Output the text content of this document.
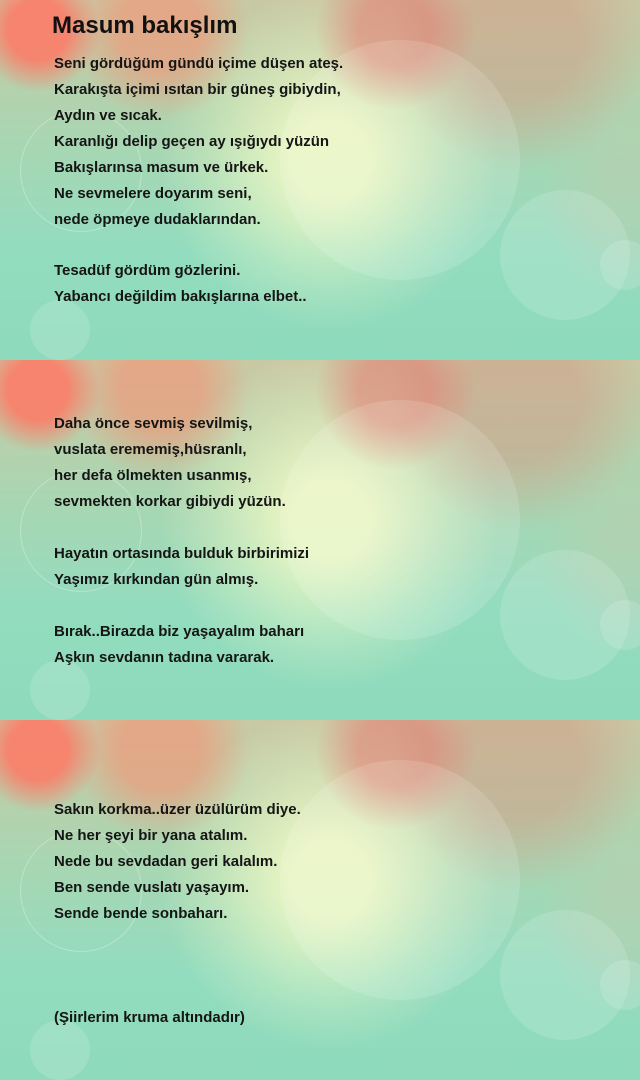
Masum bakışlım
Seni gördüğüm gündü içime düşen ateş.
Karakışta içimi ısıtan bir güneş gibiydin,
Aydın ve sıcak.
Karanlığı delip geçen ay ışığıydı yüzün
Bakışlarınsa masum ve ürkek.
Ne sevmelere doyarım seni,
nede öpmeye dudaklarından.
Tesadüf gördüm gözlerini.
Yabancı değildim bakışlarına elbet..
Daha önce sevmiş sevilmiş,
vuslata erememiş,hüsranlı,
her defa ölmekten usanmış,
sevmekten korkar gibiydi yüzün.
Hayatın ortasında bulduk birbirimizi
Yaşımız kırkından gün almış.
Bırak..Birazda biz yaşayalım baharı
Aşkın sevdanın tadına vararak.
Sakın korkma..üzer üzülürüm diye.
Ne her şeyi bir yana atalım.
Nede bu sevdadan geri kalalım.
Ben sende vuslatı yaşayım.
Sende bende sonbaharı.
(Şiirlerim kruma altındadır)
